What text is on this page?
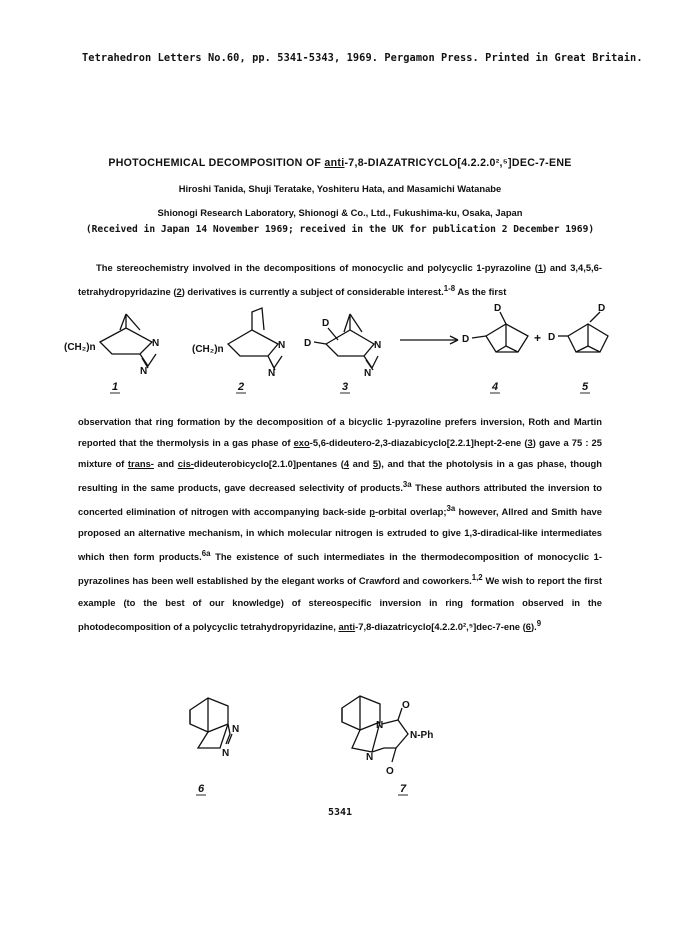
Tetrahedron Letters No.60, pp. 5341-5343, 1969. Pergamon Press. Printed in Great Britain.
PHOTOCHEMICAL DECOMPOSITION OF anti-7,8-DIAZATRICYCLO[4.2.2.0²,⁵]DEC-7-ENE
Hiroshi Tanida, Shuji Teratake, Yoshiteru Hata, and Masamichi Watanabe
Shionogi Research Laboratory, Shionogi & Co., Ltd., Fukushima-ku, Osaka, Japan
(Received in Japan 14 November 1969; received in the UK for publication 2 December 1969)
The stereochemistry involved in the decompositions of monocyclic and polycyclic 1-pyrazoline (1) and 3,4,5,6-tetrahydropyridazine (2) derivatives is currently a subject of considerable interest.$^{1-8}$ As the first
(CH₂)n	N
N
(CH₂)n	N
N
D
D	N
N
D
D
+ D
D
1	2	3	4	5
observation that ring formation by the decomposition of a bicyclic 1-pyrazoline prefers inversion, Roth and Martin reported that the thermolysis in a gas phase of exo-5,6-dideutero-2,3-diazabicyclo[2.2.1]hept-2-ene (3) gave a 75 : 25 mixture of trans- and cis-dideuterobicyclo[2.1.0]pentanes (4 and 5), and that the photolysis in a gas phase, though resulting in the same products, gave decreased selectivity of products.$^{3a}$ These authors attributed the inversion to concerted elimination of nitrogen with accompanying back-side p-orbital overlap;$^{3a}$ however, Allred and Smith have proposed an alternative mechanism, in which molecular nitrogen is extruded to give 1,3-diradical-like intermediates which then form products.$^{6a}$ The existence of such intermediates in the thermodecomposition of monocyclic 1-pyrazolines has been well established by the elegant works of Crawford and coworkers.$^{1,2}$ We wish to report the first example (to the best of our knowledge) of stereospecific inversion in ring formation observed in the photodecomposition of a polycyclic tetrahydropyridazine, anti-7,8-diazatricyclo[4.2.2.0²,⁵]dec-7-ene (6).$^9$
N
N
N
N
O
N-Ph
O
6	7
5341
